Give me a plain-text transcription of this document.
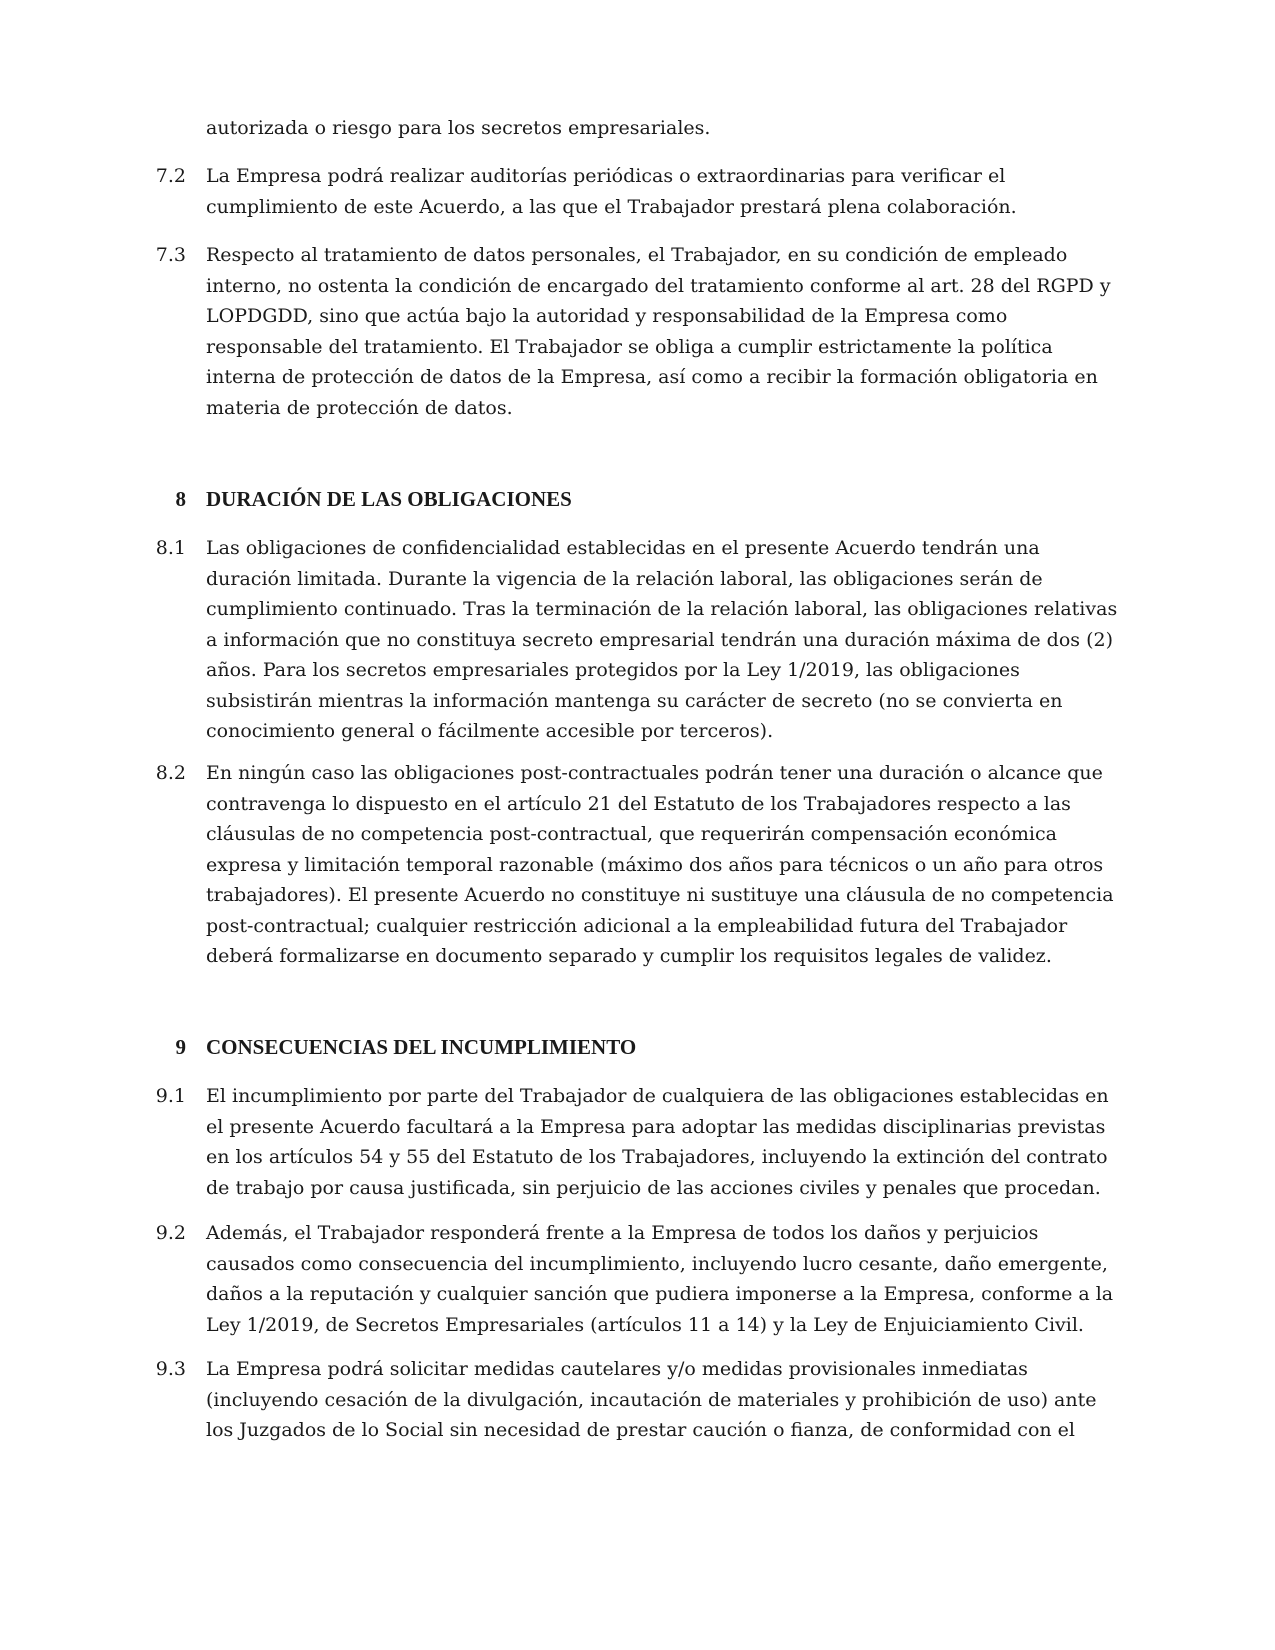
autorizada o riesgo para los secretos empresariales.

7.2 La Empresa podrá realizar auditorías periódicas o extraordinarias para verificar el cumplimiento de este Acuerdo, a las que el Trabajador prestará plena colaboración.

7.3 Respecto al tratamiento de datos personales, el Trabajador, en su condición de empleado interno, no ostenta la condición de encargado del tratamiento conforme al art. 28 del RGPD y LOPDGDD, sino que actúa bajo la autoridad y responsabilidad de la Empresa como responsable del tratamiento. El Trabajador se obliga a cumplir estrictamente la política interna de protección de datos de la Empresa, así como a recibir la formación obligatoria en materia de protección de datos.

8 DURACIÓN DE LAS OBLIGACIONES

8.1 Las obligaciones de confidencialidad establecidas en el presente Acuerdo tendrán una duración limitada. Durante la vigencia de la relación laboral, las obligaciones serán de cumplimiento continuado. Tras la terminación de la relación laboral, las obligaciones relativas a información que no constituya secreto empresarial tendrán una duración máxima de dos (2) años. Para los secretos empresariales protegidos por la Ley 1/2019, las obligaciones subsistirán mientras la información mantenga su carácter de secreto (no se convierta en conocimiento general o fácilmente accesible por terceros).

8.2 En ningún caso las obligaciones post-contractuales podrán tener una duración o alcance que contravenga lo dispuesto en el artículo 21 del Estatuto de los Trabajadores respecto a las cláusulas de no competencia post-contractual, que requerirán compensación económica expresa y limitación temporal razonable (máximo dos años para técnicos o un año para otros trabajadores). El presente Acuerdo no constituye ni sustituye una cláusula de no competencia post-contractual; cualquier restricción adicional a la empleabilidad futura del Trabajador deberá formalizarse en documento separado y cumplir los requisitos legales de validez.

9 CONSECUENCIAS DEL INCUMPLIMIENTO

9.1 El incumplimiento por parte del Trabajador de cualquiera de las obligaciones establecidas en el presente Acuerdo facultará a la Empresa para adoptar las medidas disciplinarias previstas en los artículos 54 y 55 del Estatuto de los Trabajadores, incluyendo la extinción del contrato de trabajo por causa justificada, sin perjuicio de las acciones civiles y penales que procedan.

9.2 Además, el Trabajador responderá frente a la Empresa de todos los daños y perjuicios causados como consecuencia del incumplimiento, incluyendo lucro cesante, daño emergente, daños a la reputación y cualquier sanción que pudiera imponerse a la Empresa, conforme a la Ley 1/2019, de Secretos Empresariales (artículos 11 a 14) y la Ley de Enjuiciamiento Civil.

9.3 La Empresa podrá solicitar medidas cautelares y/o medidas provisionales inmediatas (incluyendo cesación de la divulgación, incautación de materiales y prohibición de uso) ante los Juzgados de lo Social sin necesidad de prestar caución o fianza, de conformidad con el
